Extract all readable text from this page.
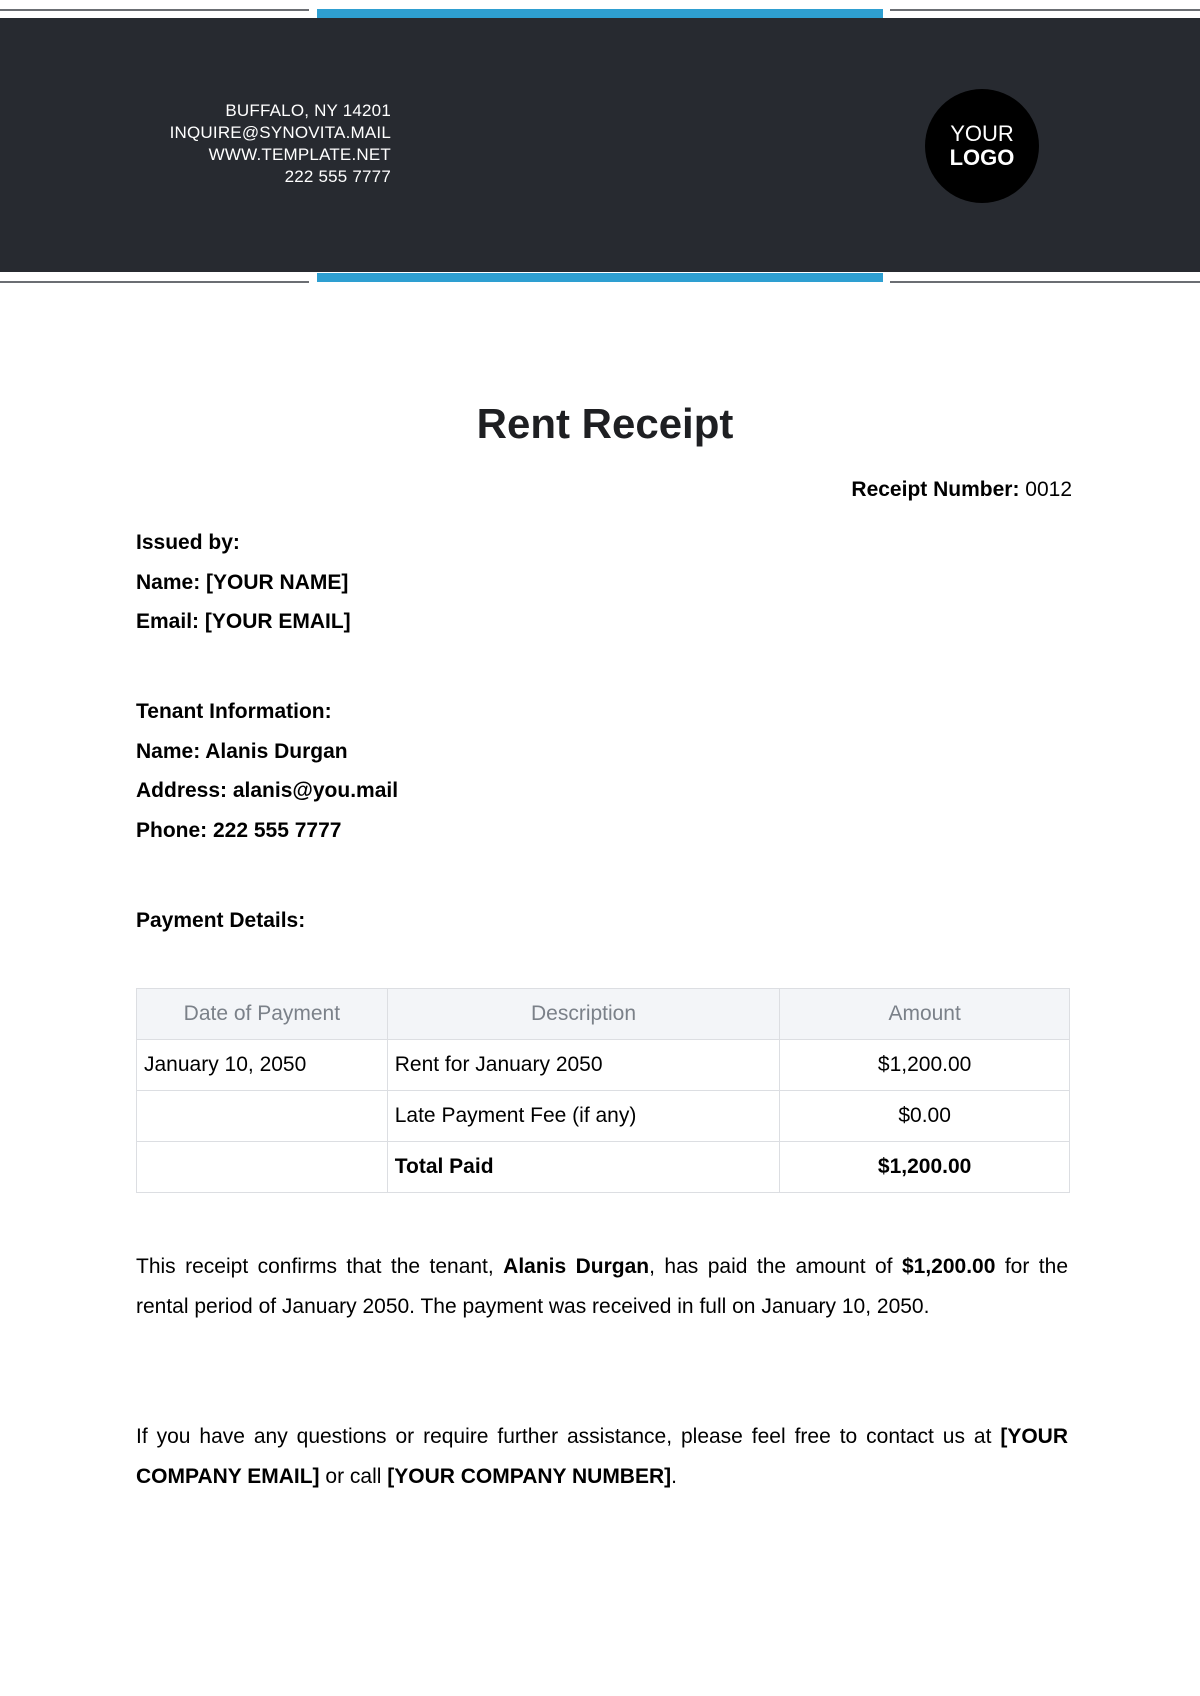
BUFFALO, NY 14201
INQUIRE@SYNOVITA.MAIL
WWW.TEMPLATE.NET
222 555 7777
YOUR
LOGO
Rent Receipt
Receipt Number: 0012
Issued by:
Name: [YOUR NAME]
Email: [YOUR EMAIL]
Tenant Information:
Name: Alanis Durgan
Address: alanis@you.mail
Phone: 222 555 7777
Payment Details:
Date of Payment	Description	Amount
January 10, 2050	Rent for January 2050	$1,200.00
	Late Payment Fee (if any)	$0.00
	Total Paid	$1,200.00
This receipt confirms that the tenant, Alanis Durgan, has paid the amount of $1,200.00 for the rental period of January 2050. The payment was received in full on January 10, 2050.
If you have any questions or require further assistance, please feel free to contact us at [YOUR COMPANY EMAIL] or call [YOUR COMPANY NUMBER].
